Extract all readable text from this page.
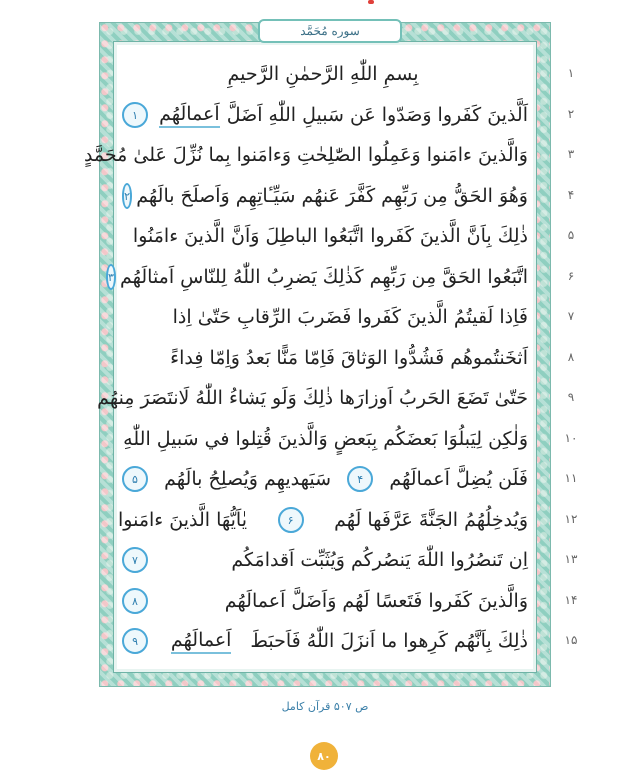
سوره مُحَمَّد
بِسمِ اللّٰهِ الرَّحمٰنِ الرَّحیمِ	۱
اَلَّذینَ كَفَروا وَصَدّوا عَن سَبیلِ اللّٰهِ اَضَلَّ
اَعمالَهُم
۱	۲
وَالَّذینَ ءامَنوا وَعَمِلُوا الصّٰلِحٰتِ وَءامَنوا بِما نُزِّلَ عَلىٰ مُحَمَّدٍ	۳
وَهُوَ الحَقُّ مِن رَبِّهِم كَفَّرَ عَنهُم سَيِّـٔاتِهِم وَاَصلَحَ بالَهُم
۲	۴
ذٰلِكَ بِاَنَّ الَّذینَ كَفَروا اتَّبَعُوا الباطِلَ وَاَنَّ الَّذینَ ءامَنُوا	۵
اتَّبَعُوا الحَقَّ مِن رَبِّهِم كَذٰلِكَ يَضرِبُ اللّٰهُ لِلنّاسِ اَمثالَهُم
۳	۶
فَاِذا لَقيتُمُ الَّذینَ كَفَروا فَضَربَ الرِّقابِ حَتّىٰ اِذا	۷
اَثخَنتُموهُم فَشُدُّوا الوَثاقَ فَاِمّا مَنًّا بَعدُ وَاِمّا فِداءً	۸
حَتّىٰ تَضَعَ الحَربُ اَوزارَها ذٰلِكَ وَلَو يَشاءُ اللّٰهُ لَانتَصَرَ مِنهُم	۹
وَلٰكِن لِيَبلُوَا بَعضَكُم بِبَعضٍ وَالَّذینَ قُتِلوا في سَبيلِ اللّٰهِ	۱۰
فَلَن يُضِلَّ اَعمالَهُم
۴
سَيَهديهِم وَيُصلِحُ بالَهُم
۵	۱۱
وَيُدخِلُهُمُ الجَنَّةَ عَرَّفَها لَهُم
۶
يٰاَيُّهَا الَّذینَ ءامَنوا	۱۲
اِن تَنصُرُوا اللّٰهَ يَنصُركُم وَيُثَبِّت اَقدامَكُم
۷	۱۳
وَالَّذینَ كَفَروا فَتَعسًا لَهُم وَاَضَلَّ اَعمالَهُم
۸	۱۴
ذٰلِكَ بِاَنَّهُم كَرِهوا ما اَنزَلَ اللّٰهُ فَاَحبَطَ
اَعمالَهُم
۹	۱۵
ص ۵۰۷ قرآن كامل
۸۰
